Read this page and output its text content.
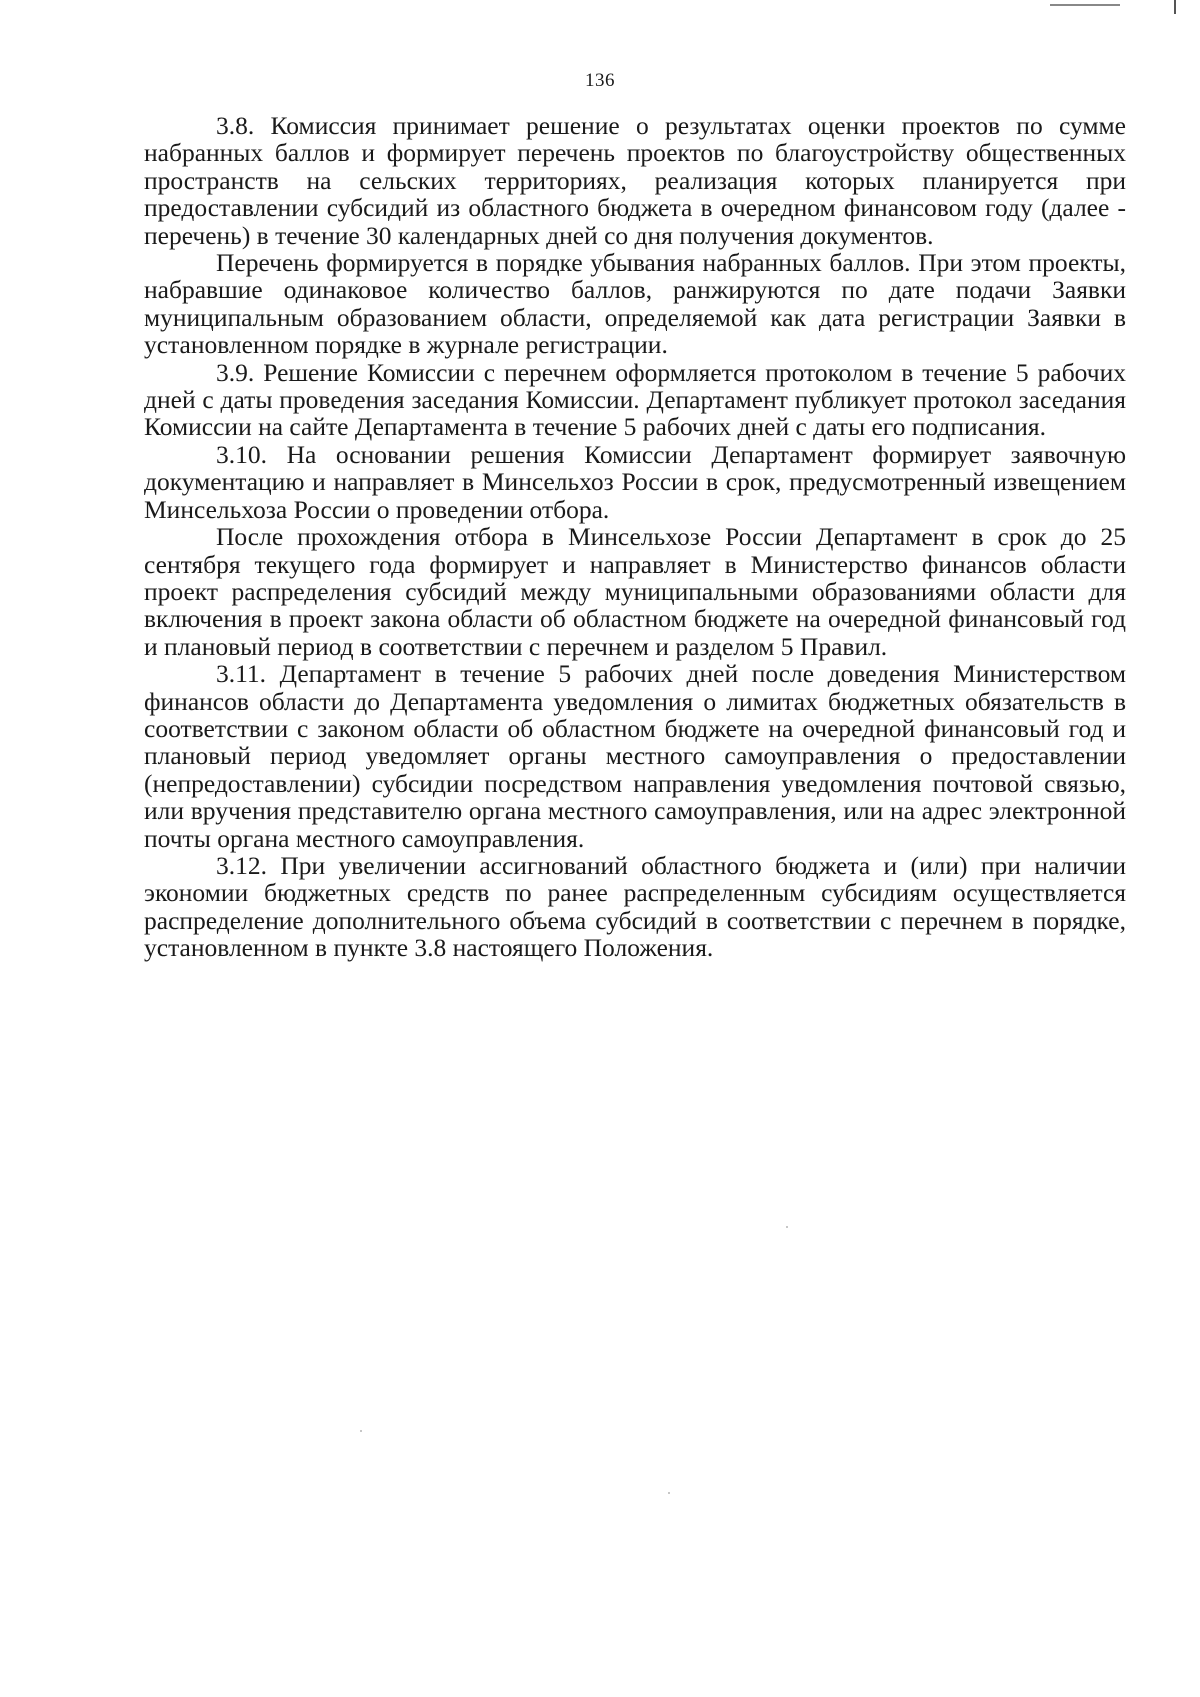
136

3.8. Комиссия принимает решение о результатах оценки проектов по сумме набранных баллов и формирует перечень проектов по благоустройству общественных пространств на сельских территориях, реализация которых планируется при предоставлении субсидий из областного бюджета в очередном финансовом году (далее - перечень) в течение 30 календарных дней со дня получения документов.

Перечень формируется в порядке убывания набранных баллов. При этом проекты, набравшие одинаковое количество баллов, ранжируются по дате подачи Заявки муниципальным образованием области, определяемой как дата регистрации Заявки в установленном порядке в журнале регистрации.

3.9. Решение Комиссии с перечнем оформляется протоколом в течение 5 рабочих дней с даты проведения заседания Комиссии. Департамент публикует протокол заседания Комиссии на сайте Департамента в течение 5 рабочих дней с даты его подписания.

3.10. На основании решения Комиссии Департамент формирует заявочную документацию и направляет в Минсельхоз России в срок, предусмотренный извещением Минсельхоза России о проведении отбора.

После прохождения отбора в Минсельхозе России Департамент в срок до 25 сентября текущего года формирует и направляет в Министерство финансов области проект распределения субсидий между муниципальными образованиями области для включения в проект закона области об областном бюджете на очередной финансовый год и плановый период в соответствии с перечнем и разделом 5 Правил.

3.11. Департамент в течение 5 рабочих дней после доведения Министерством финансов области до Департамента уведомления о лимитах бюджетных обязательств в соответствии с законом области об областном бюджете на очередной финансовый год и плановый период уведомляет органы местного самоуправления о предоставлении (непредоставлении) субсидии посредством направления уведомления почтовой связью, или вручения представителю органа местного самоуправления, или на адрес электронной почты органа местного самоуправления.

3.12. При увеличении ассигнований областного бюджета и (или) при наличии экономии бюджетных средств по ранее распределенным субсидиям осуществляется распределение дополнительного объема субсидий в соответствии с перечнем в порядке, установленном в пункте 3.8 настоящего Положения.
